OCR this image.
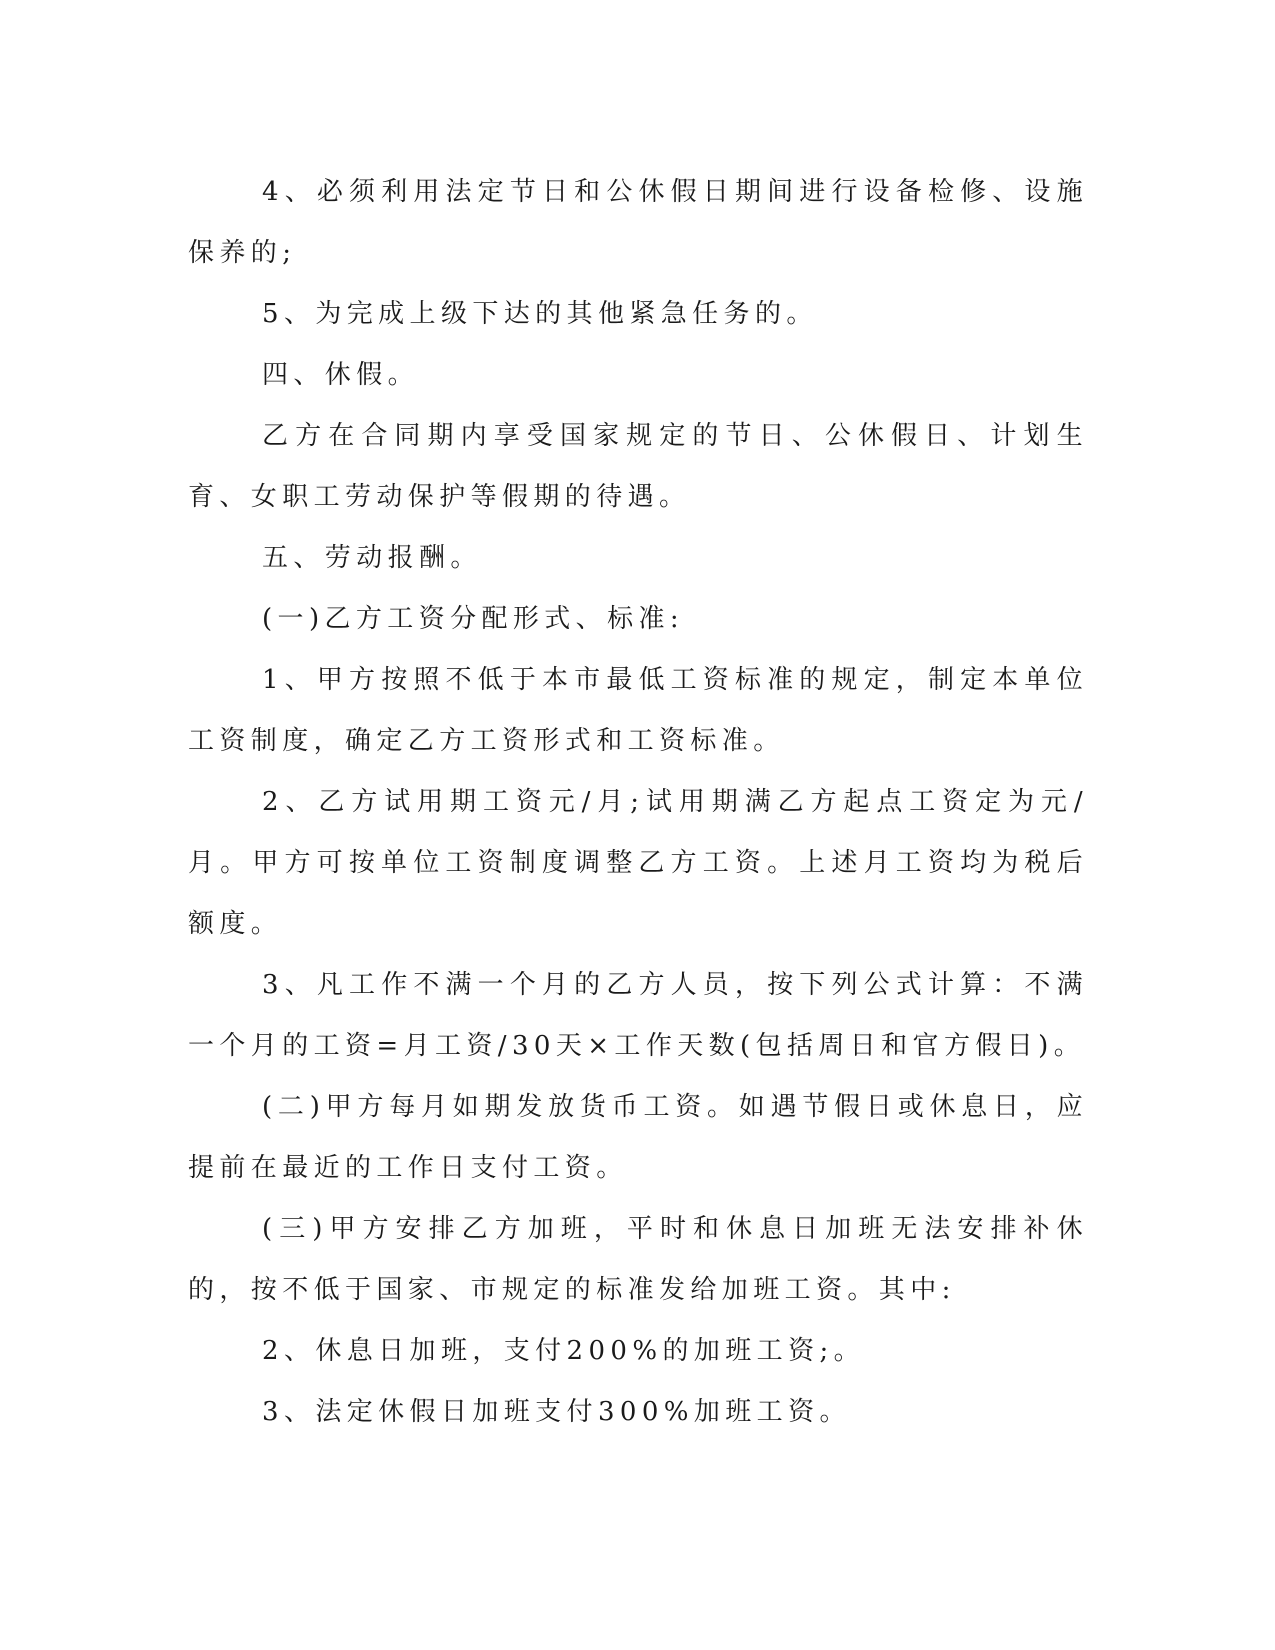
4、必须利用法定节日和公休假日期间进行设备检修、设施保养的;

5、为完成上级下达的其他紧急任务的。

四、休假。

乙方在合同期内享受国家规定的节日、公休假日、计划生育、女职工劳动保护等假期的待遇。

五、劳动报酬。

(一)乙方工资分配形式、标准:

1、甲方按照不低于本市最低工资标准的规定，制定本单位工资制度，确定乙方工资形式和工资标准。

2、乙方试用期工资元/月;试用期满乙方起点工资定为元/月。甲方可按单位工资制度调整乙方工资。上述月工资均为税后额度。

3、凡工作不满一个月的乙方人员，按下列公式计算：不满一个月的工资=月工资/30天×工作天数(包括周日和官方假日)。

(二)甲方每月如期发放货币工资。如遇节假日或休息日，应提前在最近的工作日支付工资。

(三)甲方安排乙方加班，平时和休息日加班无法安排补休的，按不低于国家、市规定的标准发给加班工资。其中:

2、休息日加班，支付200%的加班工资;。

3、法定休假日加班支付300%加班工资。
